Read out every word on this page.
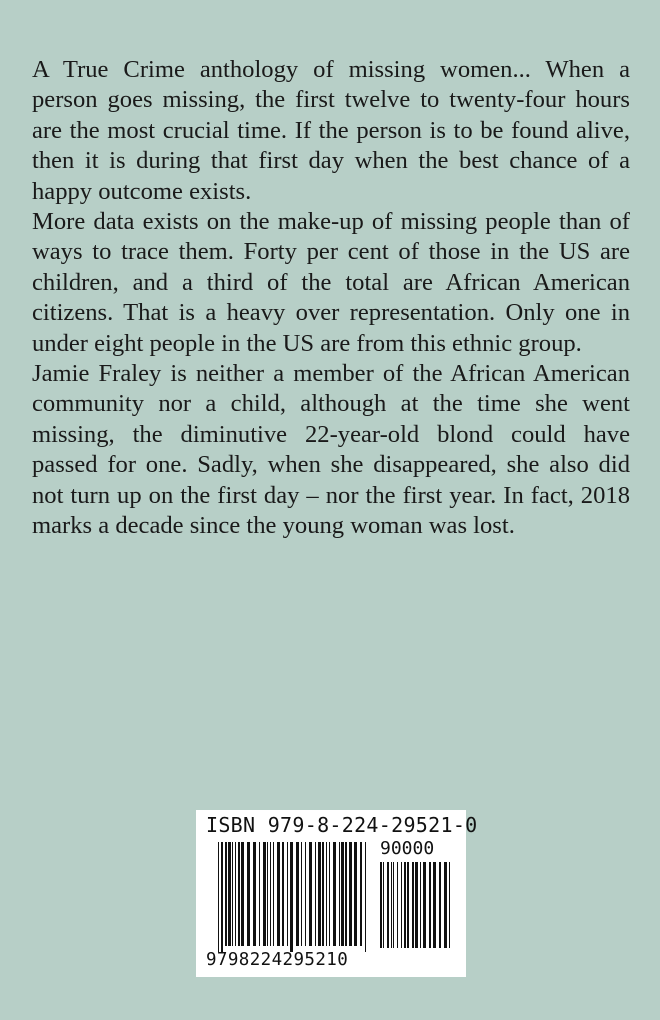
A True Crime anthology of missing women... When a person goes missing, the first twelve to twenty-four hours are the most crucial time. If the person is to be found alive, then it is during that first day when the best chance of a happy outcome exists.

More data exists on the make-up of missing people than of ways to trace them. Forty per cent of those in the US are children, and a third of the total are African American citizens. That is a heavy over representation. Only one in under eight people in the US are from this ethnic group.

Jamie Fraley is neither a member of the African American community nor a child, although at the time she went missing, the diminutive 22-year-old blond could have passed for one. Sadly, when she disappeared, she also did not turn up on the first day – nor the first year. In fact, 2018 marks a decade since the young woman was lost.

ISBN 979-8-224-29521-0
90000
9798224295210
